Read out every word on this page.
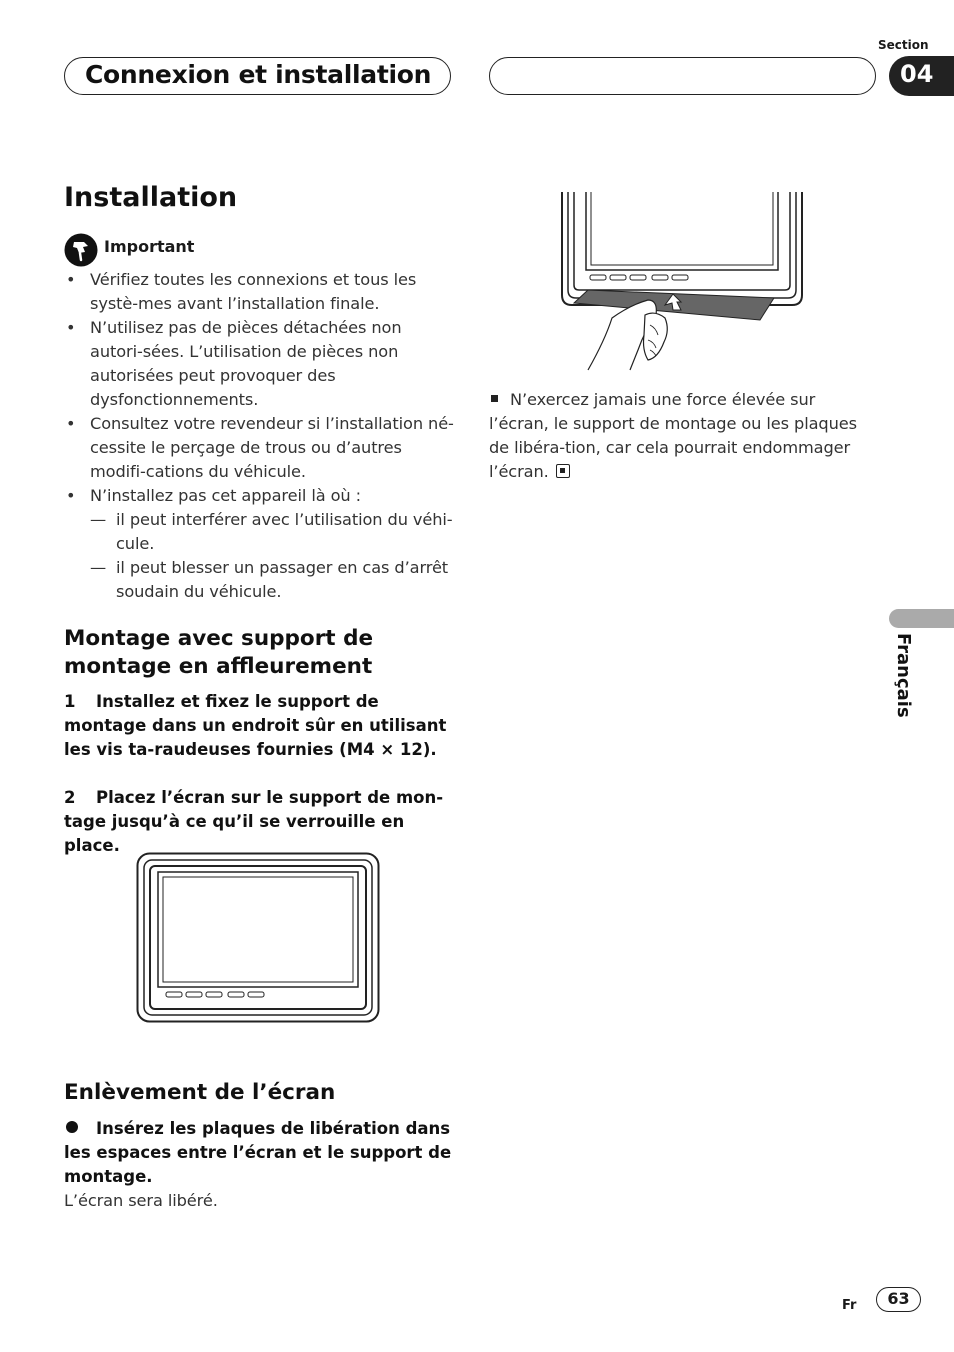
Connexion et installation
Section
04
Installation
Important
• Vérifiez toutes les connexions et tous les systè-mes avant l’installation finale.
• N’utilisez pas de pièces détachées non autori-sées. L’utilisation de pièces non autorisées peut provoquer des dysfonctionnements.
• Consultez votre revendeur si l’installation né-cessite le perçage de trous ou d’autres modifi-cations du véhicule.
• N’installez pas cet appareil là où :
— il peut interférer avec l’utilisation du véhi-cule.
— il peut blesser un passager en cas d’arrêt soudain du véhicule.
Montage avec support de montage en affleurement
1 Installez et fixez le support de montage dans un endroit sûr en utilisant les vis ta-raudeuses fournies (M4 × 12).
2 Placez l’écran sur le support de mon-tage jusqu’à ce qu’il se verrouille en place.
Enlèvement de l’écran
Insérez les plaques de libération dans les espaces entre l’écran et le support de montage.
L’écran sera libéré.
N’exercez jamais une force élevée sur l’écran, le support de montage ou les plaques de libéra-tion, car cela pourrait endommager l’écran.
Français
Fr	63
